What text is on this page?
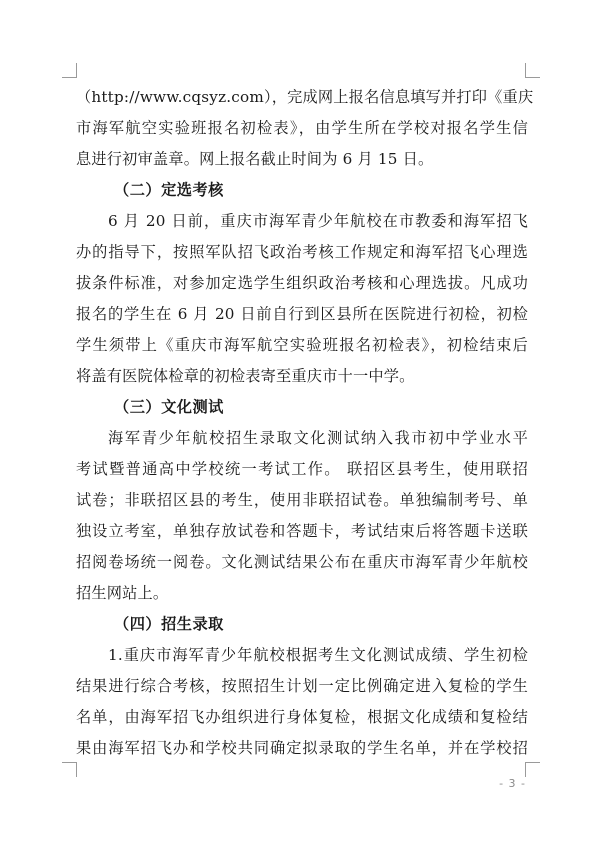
（http://www.cqsyz.com），完成网上报名信息填写并打印《重庆
市海军航空实验班报名初检表》，由学生所在学校对报名学生信
息进行初审盖章。网上报名截止时间为 6 月 15 日。
（二）定选考核
6 月 20 日前，重庆市海军青少年航校在市教委和海军招飞
办的指导下，按照军队招飞政治考核工作规定和海军招飞心理选
拔条件标准，对参加定选学生组织政治考核和心理选拔。凡成功
报名的学生在 6 月 20 日前自行到区县所在医院进行初检，初检
学生须带上《重庆市海军航空实验班报名初检表》，初检结束后
将盖有医院体检章的初检表寄至重庆市十一中学。
（三）文化测试
海军青少年航校招生录取文化测试纳入我市初中学业水平
考试暨普通高中学校统一考试工作。 联招区县考生，使用联招
试卷；非联招区县的考生，使用非联招试卷。单独编制考号、单
独设立考室，单独存放试卷和答题卡，考试结束后将答题卡送联
招阅卷场统一阅卷。文化测试结果公布在重庆市海军青少年航校
招生网站上。
（四）招生录取
1.重庆市海军青少年航校根据考生文化测试成绩、学生初检
结果进行综合考核，按照招生计划一定比例确定进入复检的学生
名单，由海军招飞办组织进行身体复检，根据文化成绩和复检结
果由海军招飞办和学校共同确定拟录取的学生名单，并在学校招
- 3 -
